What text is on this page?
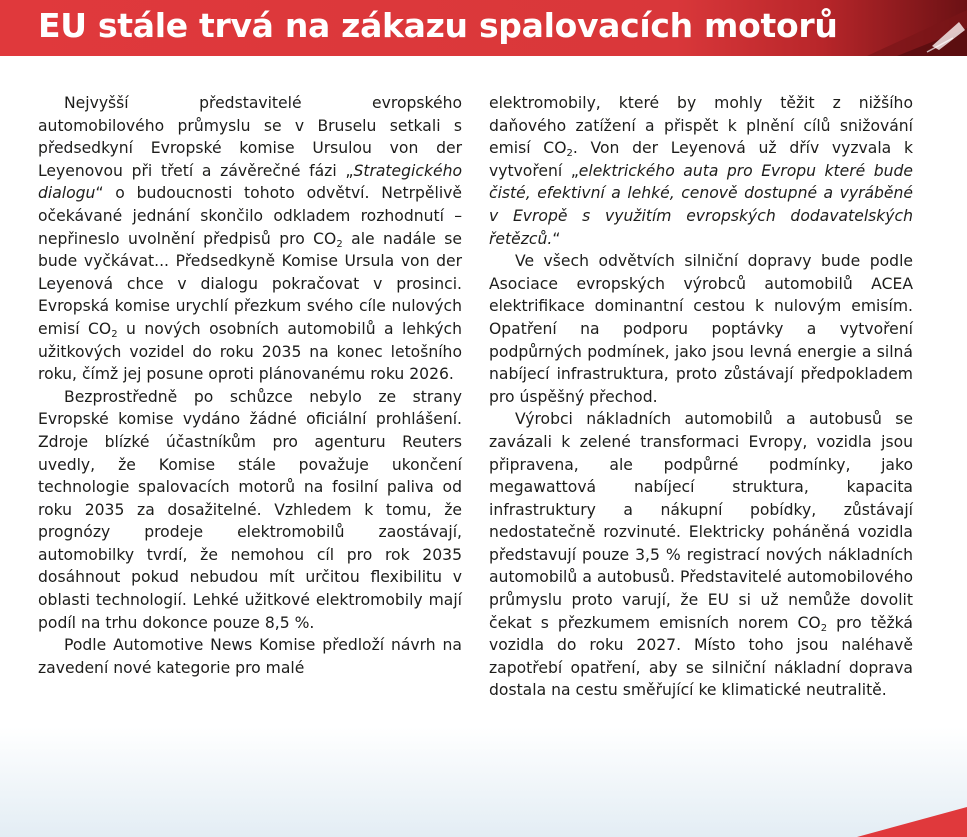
EU stále trvá na zákazu spalovacích motorů

Nejvyšší představitelé evropského automobilového průmyslu se v Bruselu setkali s předsedkyní Evropské komise Ursulou von der Leyenovou při třetí a závěrečné fázi „Strategického dialogu“ o budoucnosti tohoto odvětví. Netrpělivě očekávané jednání skončilo odkladem rozhodnutí – nepřineslo uvolnění předpisů pro $CO_2$ ale nadále se bude vyčkávat... Předsedkyně Komise Ursula von der Leyenová chce v dialogu pokračovat v prosinci. Evropská komise urychlí přezkum svého cíle nulových emisí $CO_2$ u nových osobních automobilů a lehkých užitkových vozidel do roku 2035 na konec letošního roku, čímž jej posune oproti plánovanému roku 2026.

Bezprostředně po schůzce nebylo ze strany Evropské komise vydáno žádné oficiální prohlášení. Zdroje blízké účastníkům pro agenturu Reuters uvedly, že Komise stále považuje ukončení technologie spalovacích motorů na fosilní paliva od roku 2035 za dosažitelné. Vzhledem k tomu, že prognózy prodeje elektromobilů zaostávají, automobilky tvrdí, že nemohou cíl pro rok 2035 dosáhnout pokud nebudou mít určitou flexibilitu v oblasti technologií. Lehké užitkové elektromobily mají podíl na trhu dokonce pouze 8,5 %.

Podle Automotive News Komise předloží návrh na zavedení nové kategorie pro malé

elektromobily, které by mohly těžit z nižšího daňového zatížení a přispět k plnění cílů snižování emisí $CO_2$. Von der Leyenová už dřív vyzvala k vytvoření „elektrického auta pro Evropu které bude čisté, efektivní a lehké, cenově dostupné a vyráběné v Evropě s využitím evropských dodavatelských řetězců.“

Ve všech odvětvích silniční dopravy bude podle Asociace evropských výrobců automobilů ACEA elektrifikace dominantní cestou k nulovým emisím. Opatření na podporu poptávky a vytvoření podpůrných podmínek, jako jsou levná energie a silná nabíjecí infrastruktura, proto zůstávají předpokladem pro úspěšný přechod.

Výrobci nákladních automobilů a autobusů se zavázali k zelené transformaci Evropy, vozidla jsou připravena, ale podpůrné podmínky, jako megawattová nabíjecí struktura, kapacita infrastruktury a nákupní pobídky, zůstávají nedostatečně rozvinuté. Elektricky poháněná vozidla představují pouze 3,5 % registrací nových nákladních automobilů a autobusů. Představitelé automobilového průmyslu proto varují, že EU si už nemůže dovolit čekat s přezkumem emisních norem $CO_2$ pro těžká vozidla do roku 2027. Místo toho jsou naléhavě zapotřebí opatření, aby se silniční nákladní doprava dostala na cestu směřující ke klimatické neutralitě.
